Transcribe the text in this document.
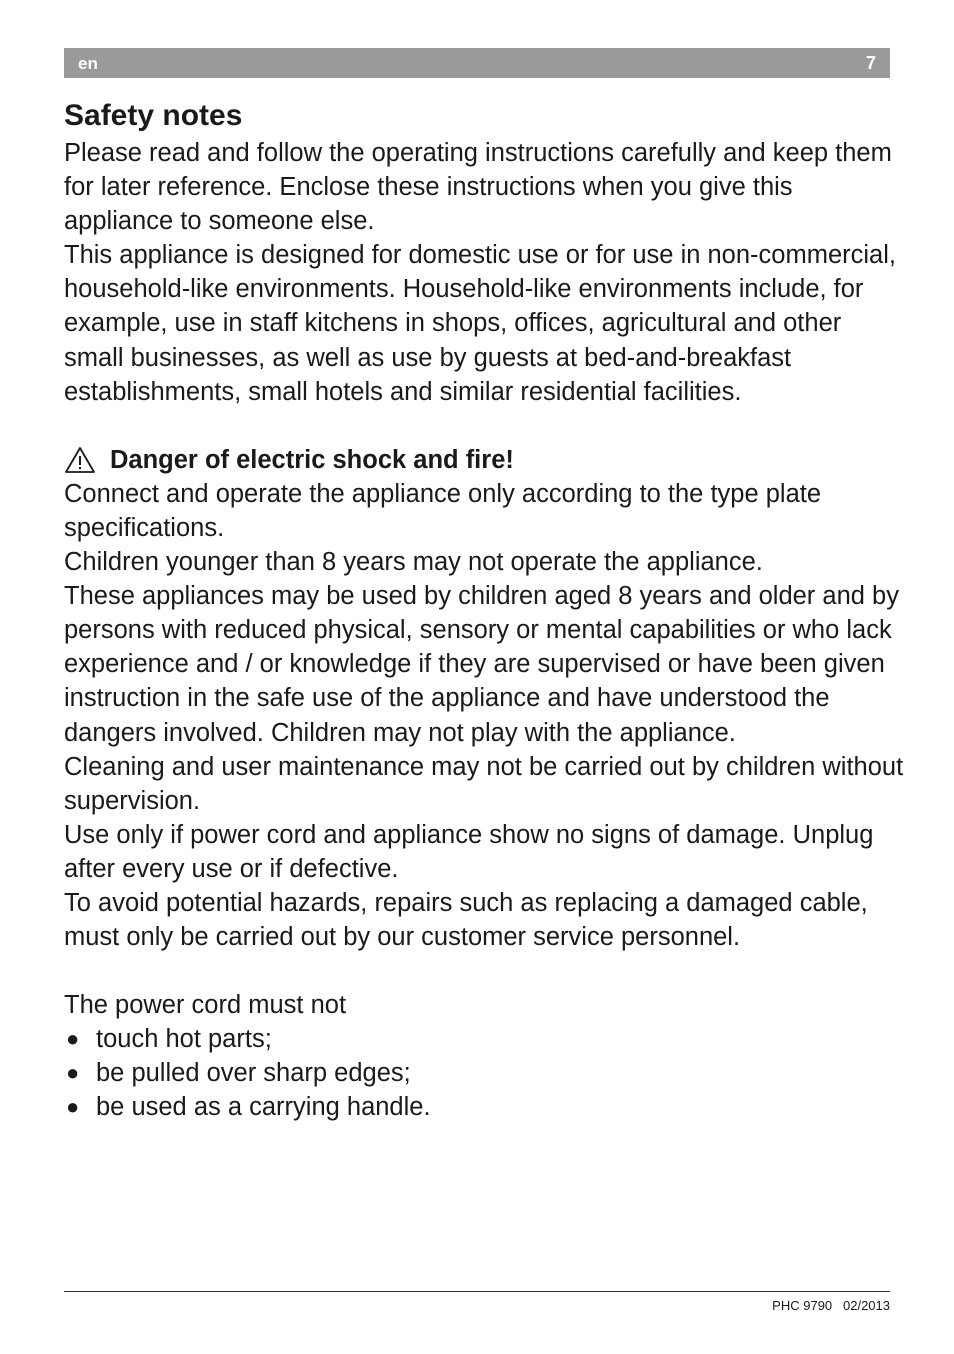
en	7
Safety notes

Please read and follow the operating instructions carefully and keep them for later reference. Enclose these instructions when you give this appliance to someone else.

This appliance is designed for domestic use or for use in non-commercial, household-like environments. Household-like environments include, for example, use in staff kitchens in shops, offices, agricultural and other small businesses, as well as use by guests at bed-and-breakfast establishments, small hotels and similar residential facilities.

Danger of electric shock and fire!

Connect and operate the appliance only according to the type plate specifications.

Children younger than 8 years may not operate the appliance.

These appliances may be used by children aged 8 years and older and by persons with reduced physical, sensory or mental capabilities or who lack experience and / or knowledge if they are supervised or have been given instruction in the safe use of the appliance and have understood the dangers involved. Children may not play with the appliance.

Cleaning and user maintenance may not be carried out by children without supervision.

Use only if power cord and appliance show no signs of damage. Unplug after every use or if defective.

To avoid potential hazards, repairs such as replacing a damaged cable, must only be carried out by our customer service personnel.

The power cord must not

● touch hot parts;
● be pulled over sharp edges;
● be used as a carrying handle.
PHC 9790 02/2013
